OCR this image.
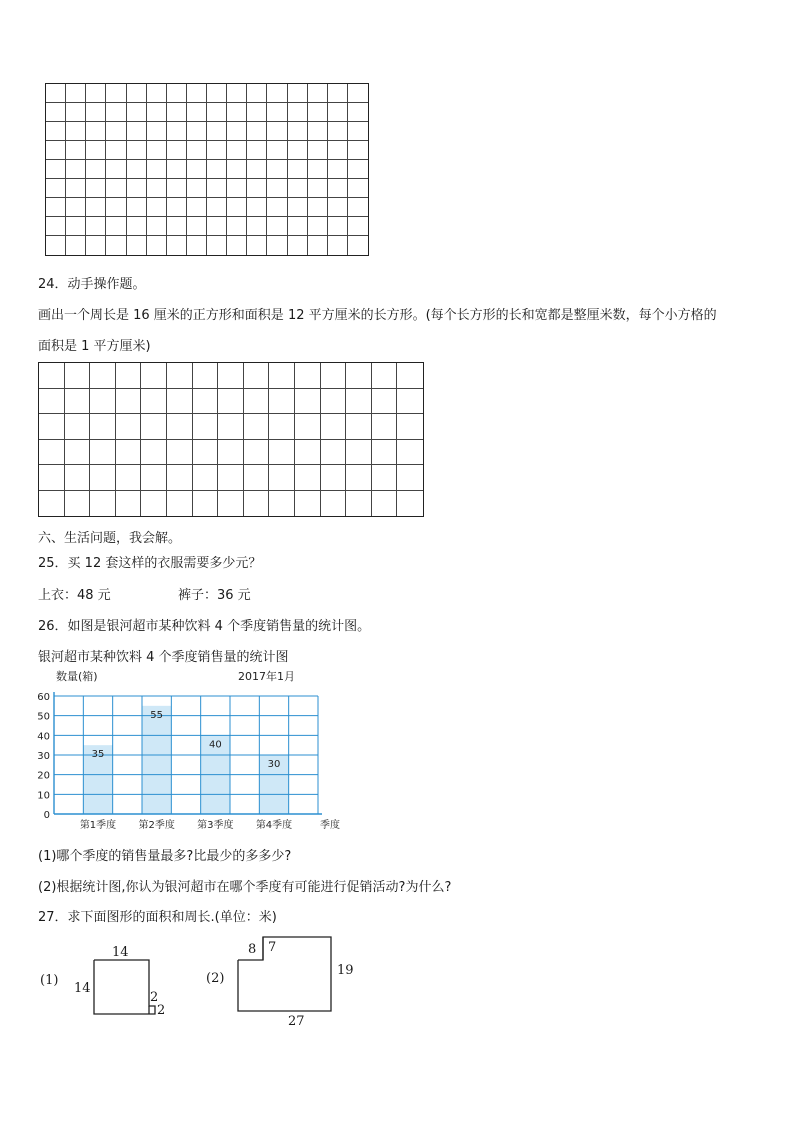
24．动手操作题。
画出一个周长是 16 厘米的正方形和面积是 12 平方厘米的长方形。(每个长方形的长和宽都是整厘米数，每个小方格的
面积是 1 平方厘米)
六、生活问题，我会解。
25．买 12 套这样的衣服需要多少元？
上衣：48 元	裤子：36 元
26．如图是银河超市某种饮料 4 个季度销售量的统计图。
银河超市某种饮料 4 个季度销售量的统计图
0
10
20
30
40
50
60
35
55
40
30
第1季度 第2季度 第3季度 第4季度	季度
数量(箱)	2017年1月
(1)哪个季度的销售量最多?比最少的多多少?
(2)根据统计图,你认为银河超市在哪个季度有可能进行促销活动?为什么?
27．求下面图形的面积和周长.(单位：米)
(1)
14
14
2
2
(2)
8 7
19
27
